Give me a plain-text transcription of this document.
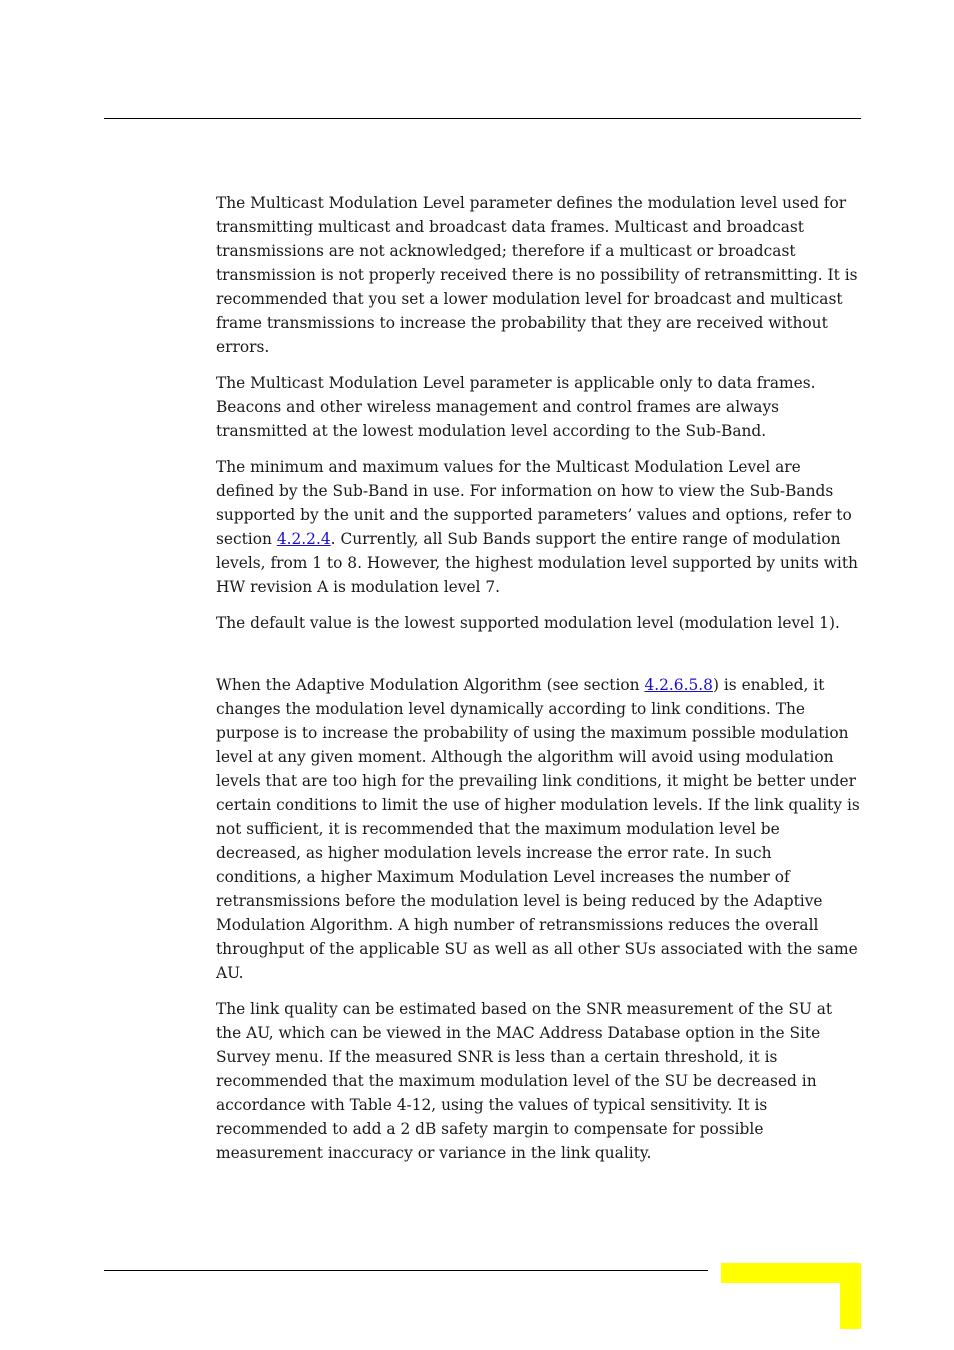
The Multicast Modulation Level parameter defines the modulation level used for transmitting multicast and broadcast data frames. Multicast and broadcast transmissions are not acknowledged; therefore if a multicast or broadcast transmission is not properly received there is no possibility of retransmitting. It is recommended that you set a lower modulation level for broadcast and multicast frame transmissions to increase the probability that they are received without errors.

The Multicast Modulation Level parameter is applicable only to data frames. Beacons and other wireless management and control frames are always transmitted at the lowest modulation level according to the Sub-Band.

The minimum and maximum values for the Multicast Modulation Level are defined by the Sub-Band in use. For information on how to view the Sub-Bands supported by the unit and the supported parameters’ values and options, refer to section 4.2.2.4. Currently, all Sub Bands support the entire range of modulation levels, from 1 to 8. However, the highest modulation level supported by units with HW revision A is modulation level 7.

The default value is the lowest supported modulation level (modulation level 1).

When the Adaptive Modulation Algorithm (see section 4.2.6.5.8) is enabled, it changes the modulation level dynamically according to link conditions. The purpose is to increase the probability of using the maximum possible modulation level at any given moment. Although the algorithm will avoid using modulation levels that are too high for the prevailing link conditions, it might be better under certain conditions to limit the use of higher modulation levels. If the link quality is not sufficient, it is recommended that the maximum modulation level be decreased, as higher modulation levels increase the error rate. In such conditions, a higher Maximum Modulation Level increases the number of retransmissions before the modulation level is being reduced by the Adaptive Modulation Algorithm. A high number of retransmissions reduces the overall throughput of the applicable SU as well as all other SUs associated with the same AU.

The link quality can be estimated based on the SNR measurement of the SU at the AU, which can be viewed in the MAC Address Database option in the Site Survey menu. If the measured SNR is less than a certain threshold, it is recommended that the maximum modulation level of the SU be decreased in accordance with Table 4-12, using the values of typical sensitivity. It is recommended to add a 2 dB safety margin to compensate for possible measurement inaccuracy or variance in the link quality.
